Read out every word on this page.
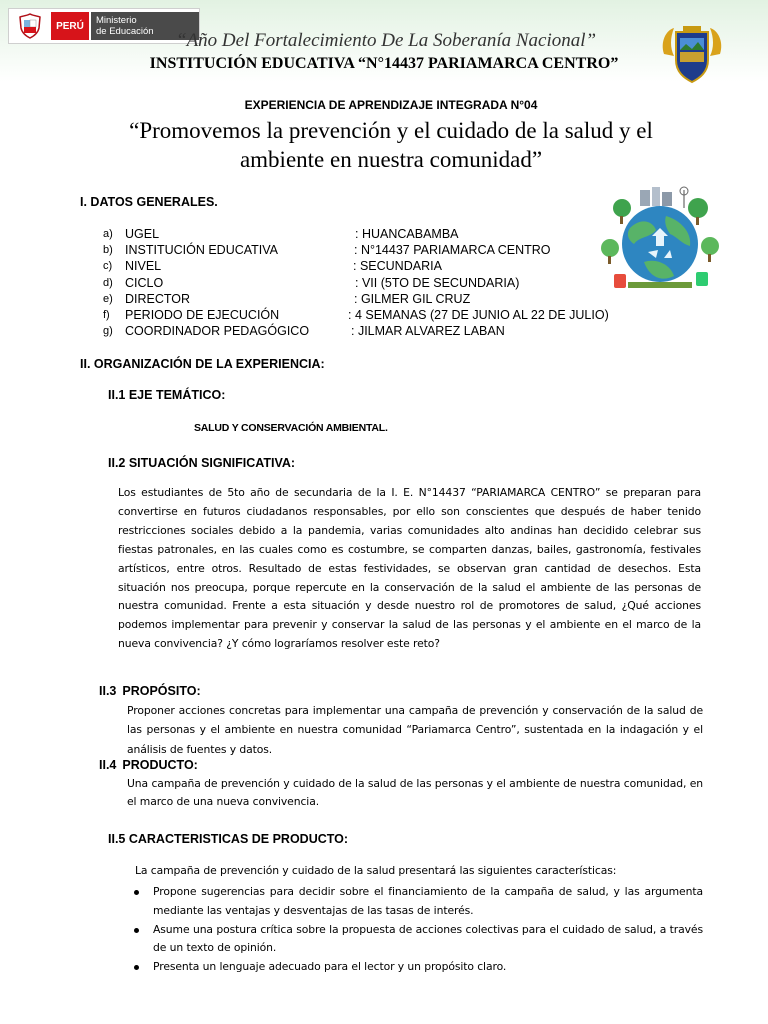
PERÚ	Ministerio
de Educación	“Año Del Fortalecimiento De La Soberanía Nacional”
INSTITUCIÓN EDUCATIVA “N°14437 PARIAMARCA CENTRO”
EXPERIENCIA DE APRENDIZAJE INTEGRADA N°04
“Promovemos la prevención y el cuidado de la salud y el
ambiente en nuestra comunidad”
I. DATOS GENERALES.
a) UGEL	: HUANCABAMBA
b) INSTITUCIÓN EDUCATIVA	: N°14437 PARIAMARCA CENTRO
c)	NIVEL	: SECUNDARIA
d) CICLO	: VII (5TO DE SECUNDARIA)
e) DIRECTOR	: GILMER GIL CRUZ
f)	PERIODO DE EJECUCIÓN	: 4 SEMANAS (27 DE JUNIO AL 22 DE JULIO)
g) COORDINADOR PEDAGÓGICO	: JILMAR ALVAREZ LABAN
II. ORGANIZACIÓN DE LA EXPERIENCIA:
II.1 EJE TEMÁTICO:
SALUD Y CONSERVACIÓN AMBIENTAL.
II.2 SITUACIÓN SIGNIFICATIVA:
Los estudiantes de 5to año de secundaria de la I. E. N°14437 “PARIAMARCA CENTRO” se preparan para convertirse en futuros ciudadanos responsables, por ello son conscientes que después de haber tenido restricciones sociales debido a la pandemia, varias comunidades alto andinas han decidido celebrar sus fiestas patronales, en las cuales como es costumbre, se comparten danzas, bailes, gastronomía, festivales artísticos, entre otros. Resultado de estas festividades, se observan gran cantidad de desechos. Esta situación nos preocupa, porque repercute en la conservación de la salud el ambiente de las personas de nuestra comunidad. Frente a esta situación y desde nuestro rol de promotores de salud, ¿Qué acciones podemos implementar para prevenir y conservar la salud de las personas y el ambiente en el marco de la nueva convivencia? ¿Y cómo lograríamos resolver este reto?
II.3 PROPÓSITO:
Proponer acciones concretas para implementar una campaña de prevención y conservación de la salud de las personas y el ambiente en nuestra comunidad “Pariamarca Centro”, sustentada en la indagación y el análisis de fuentes y datos.
II.4 PRODUCTO:
Una campaña de prevención y cuidado de la salud de las personas y el ambiente de nuestra comunidad, en el marco de una nueva convivencia.
II.5 CARACTERISTICAS DE PRODUCTO:
La campaña de prevención y cuidado de la salud presentará las siguientes características:
Propone sugerencias para decidir sobre el financiamiento de la campaña de salud, y las argumenta mediante las ventajas y desventajas de las tasas de interés.
Asume una postura crítica sobre la propuesta de acciones colectivas para el cuidado de salud, a través de un texto de opinión.
Presenta un lenguaje adecuado para el lector y un propósito claro.
